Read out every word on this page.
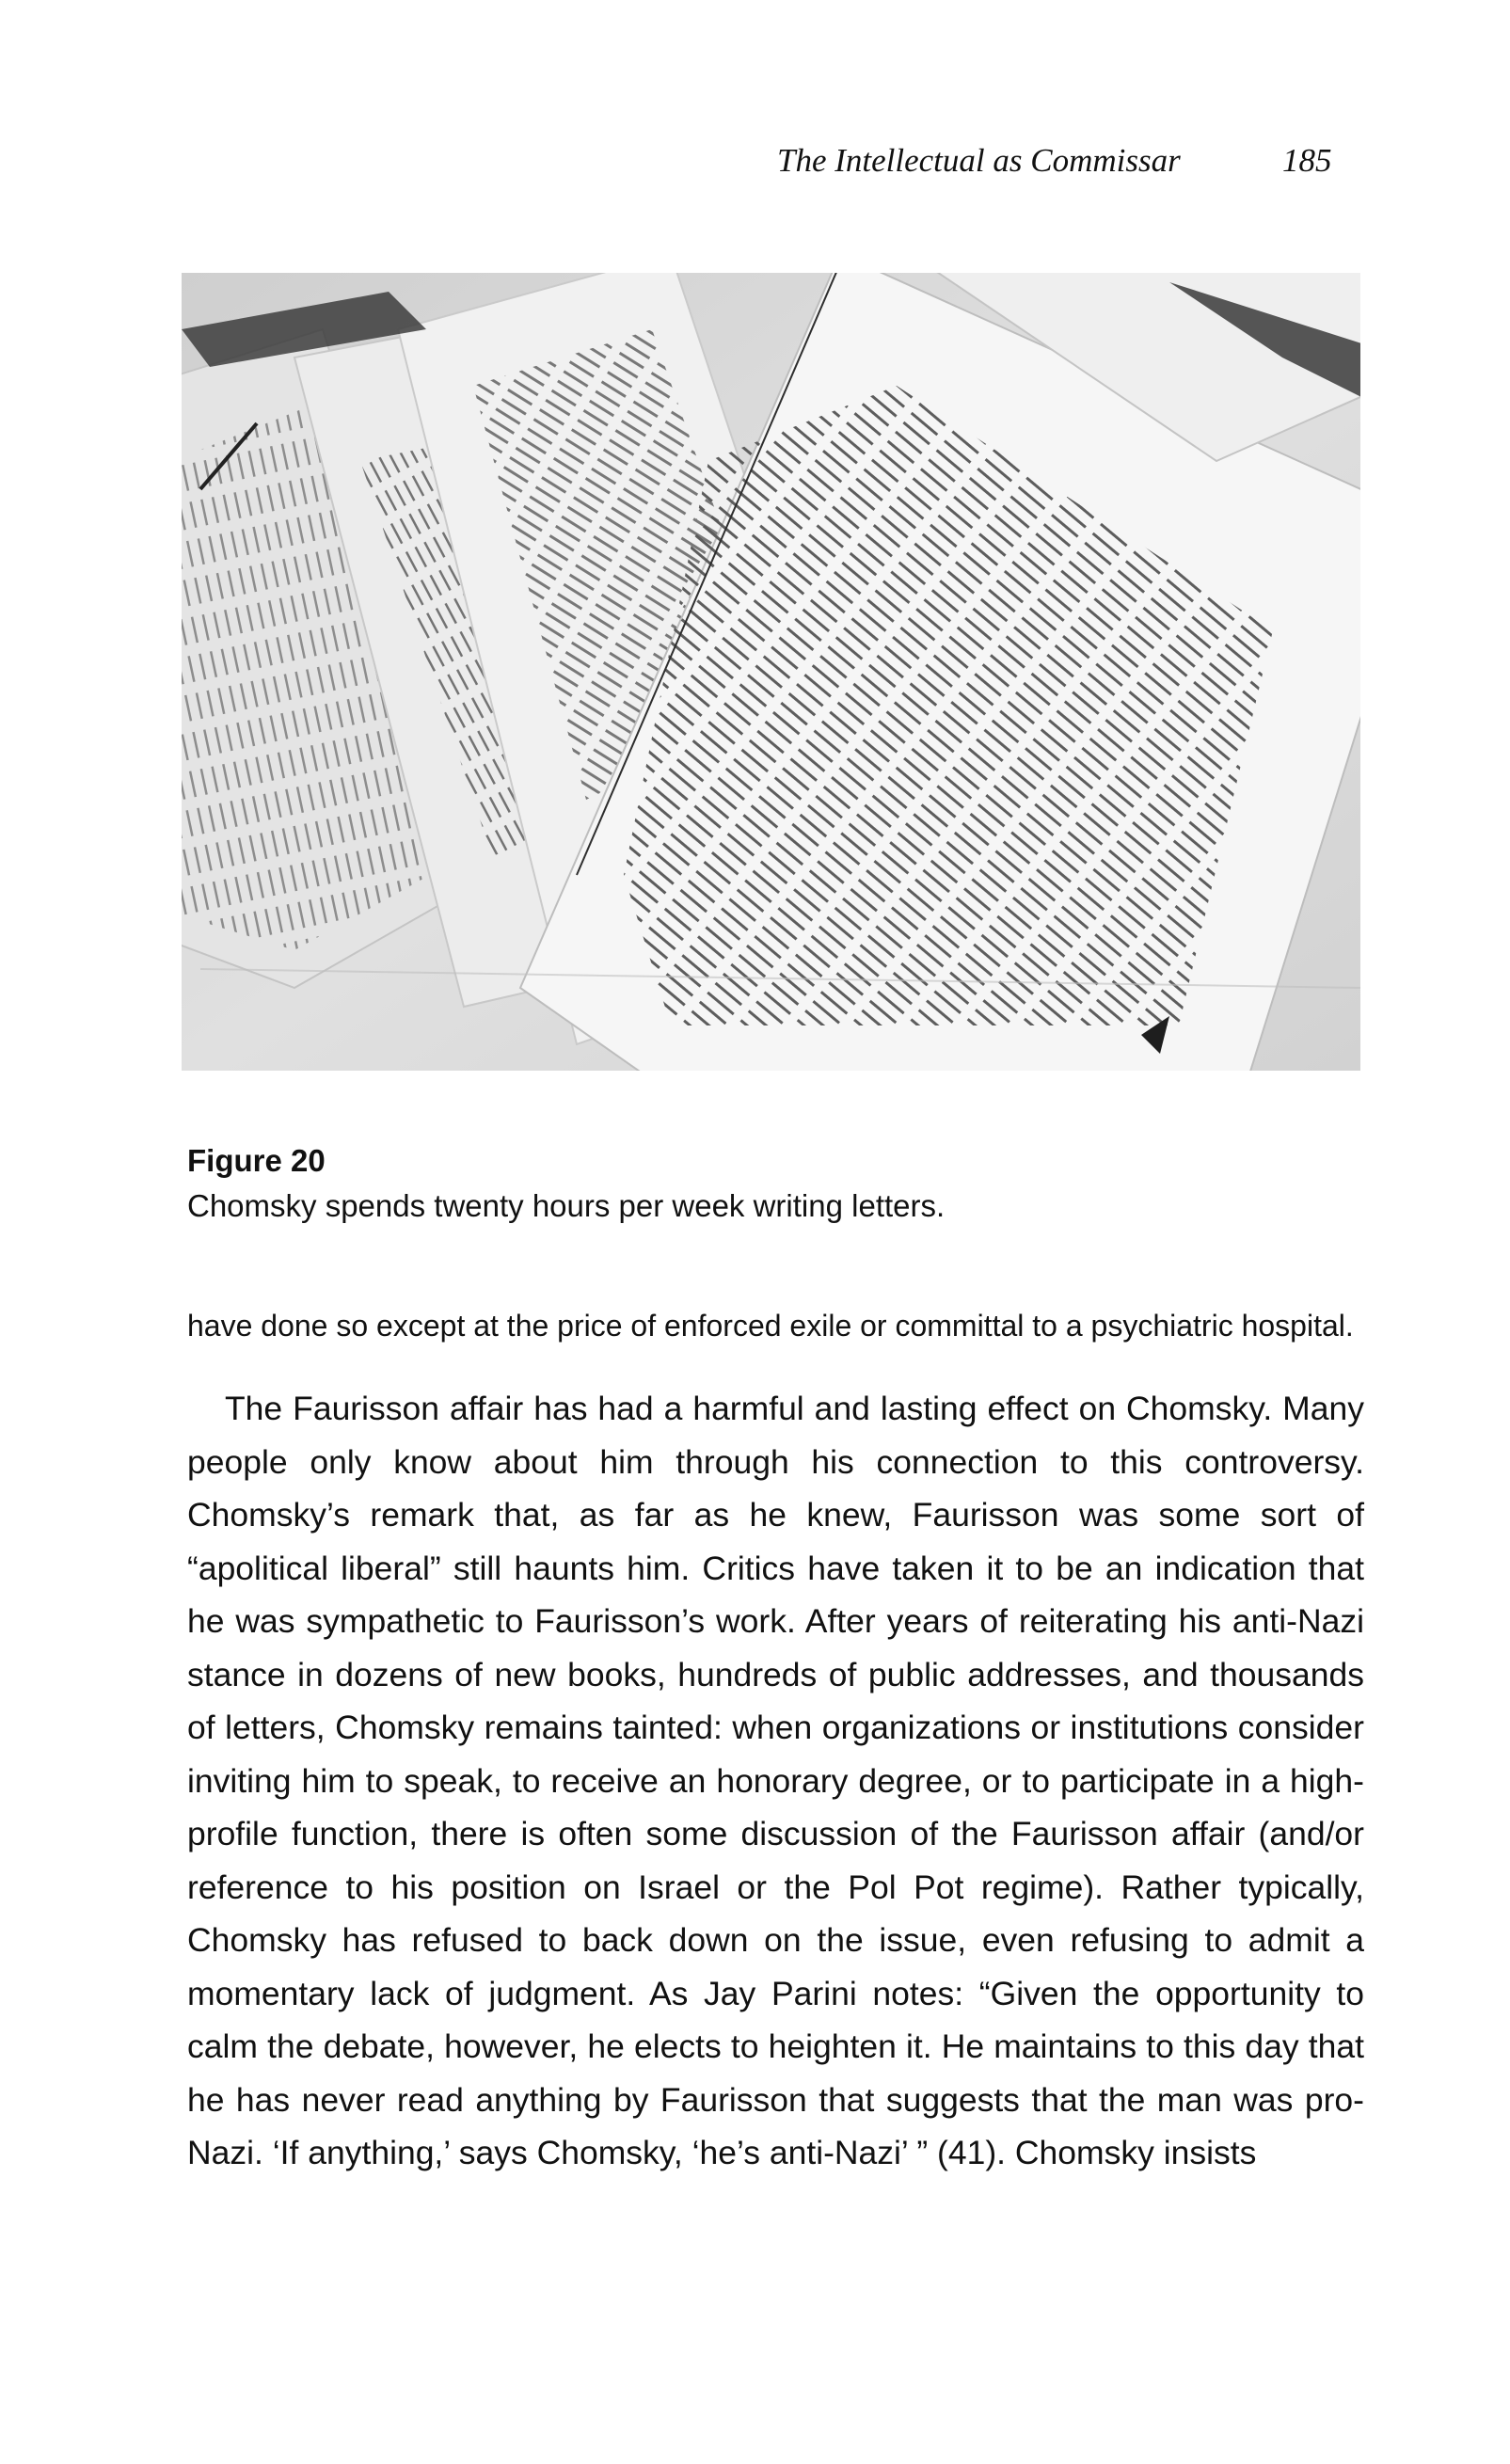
The Intellectual as Commissar	185
Figure 20
Chomsky spends twenty hours per week writing letters.

have done so except at the price of enforced exile or committal to a psychiatric hospital.

The Faurisson affair has had a harmful and lasting effect on Chomsky. Many people only know about him through his connection to this controversy. Chomsky’s remark that, as far as he knew, Faurisson was some sort of “apolitical liberal” still haunts him. Critics have taken it to be an indication that he was sympathetic to Faurisson’s work. After years of reiterating his anti-Nazi stance in dozens of new books, hundreds of public addresses, and thousands of letters, Chomsky remains tainted: when organizations or institutions consider inviting him to speak, to receive an honorary degree, or to participate in a high-profile function, there is often some discussion of the Faurisson affair (and/or reference to his position on Israel or the Pol Pot regime). Rather typically, Chomsky has refused to back down on the issue, even refusing to admit a momentary lack of judgment. As Jay Parini notes: “Given the opportunity to calm the debate, however, he elects to heighten it. He maintains to this day that he has never read anything by Faurisson that suggests that the man was pro-Nazi. ‘If anything,’ says Chomsky, ‘he’s anti-Nazi’ ” (41). Chomsky insists
